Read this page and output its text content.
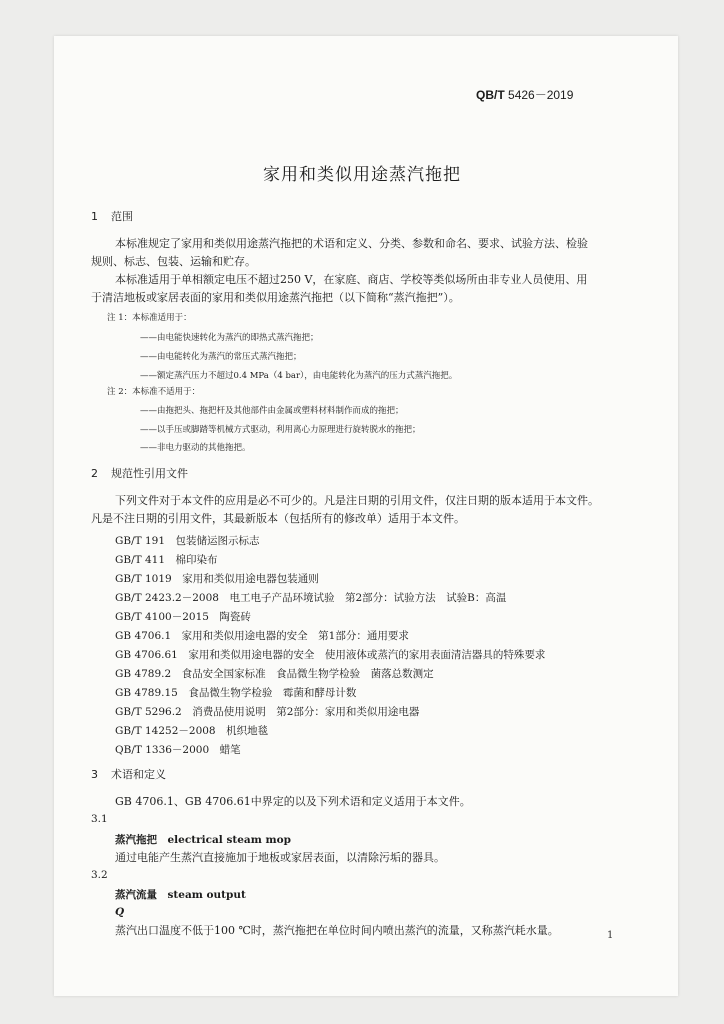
QB/T 5426－2019
家用和类似用途蒸汽拖把
1 范围
本标准规定了家用和类似用途蒸汽拖把的术语和定义、分类、参数和命名、要求、试验方法、检验
规则、标志、包装、运输和贮存。
本标准适用于单相额定电压不超过250 V，在家庭、商店、学校等类似场所由非专业人员使用、用
于清洁地板或家居表面的家用和类似用途蒸汽拖把（以下简称“蒸汽拖把”）。
注 1：本标准适用于：
——由电能快速转化为蒸汽的即热式蒸汽拖把；
——由电能转化为蒸汽的常压式蒸汽拖把；
——额定蒸汽压力不超过0.4 MPa（4 bar），由电能转化为蒸汽的压力式蒸汽拖把。
注 2：本标准不适用于：
——由拖把头、拖把杆及其他部件由金属或塑料材料制作而成的拖把；
——以手压或脚踏等机械方式驱动，利用离心力原理进行旋转脱水的拖把；
——非电力驱动的其他拖把。
2 规范性引用文件
下列文件对于本文件的应用是必不可少的。凡是注日期的引用文件，仅注日期的版本适用于本文件。
凡是不注日期的引用文件，其最新版本（包括所有的修改单）适用于本文件。
GB/T 191　包装储运图示标志
GB/T 411　棉印染布
GB/T 1019　家用和类似用途电器包装通则
GB/T 2423.2－2008　电工电子产品环境试验　第2部分：试验方法　试验B：高温
GB/T 4100－2015　陶瓷砖
GB 4706.1　家用和类似用途电器的安全　第1部分：通用要求
GB 4706.61　家用和类似用途电器的安全　使用液体或蒸汽的家用表面清洁器具的特殊要求
GB 4789.2　食品安全国家标准　食品微生物学检验　菌落总数测定
GB 4789.15　食品微生物学检验　霉菌和酵母计数
GB/T 5296.2　消费品使用说明　第2部分：家用和类似用途电器
GB/T 14252－2008　机织地毯
QB/T 1336－2000　蜡笔
3 术语和定义
GB 4706.1、GB 4706.61中界定的以及下列术语和定义适用于本文件。
3.1
蒸汽拖把　 electrical steam mop
通过电能产生蒸汽直接施加于地板或家居表面，以清除污垢的器具。
3.2
蒸汽流量　 steam output
Q
蒸汽出口温度不低于100 ℃时，蒸汽拖把在单位时间内喷出蒸汽的流量，又称蒸汽耗水量。	1
